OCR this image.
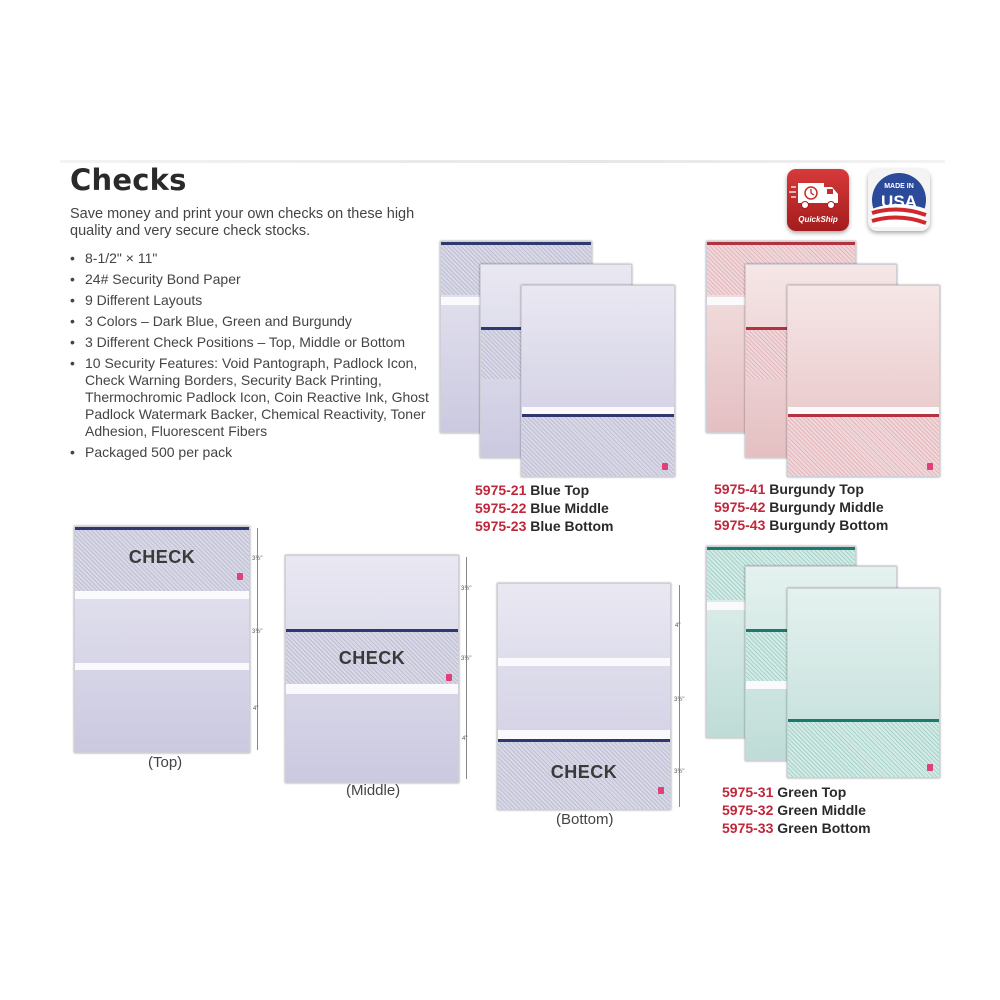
Checks
Save money and print your own checks on these high quality and very secure check stocks.
• 8-1/2" × 11"
• 24# Security Bond Paper
• 9 Different Layouts
• 3 Colors – Dark Blue, Green and Burgundy
• 3 Different Check Positions – Top, Middle or Bottom
• 10 Security Features: Void Pantograph, Padlock Icon, Check Warning Borders, Security Back Printing, Thermochromic Padlock Icon, Coin Reactive Ink, Ghost Padlock Watermark Backer, Chemical Reactivity, Toner Adhesion, Fluorescent Fibers
• Packaged 500 per pack
QuickShip
MADE IN
USA
5975-21 Blue Top
5975-22 Blue Middle
5975-23 Blue Bottom
5975-41 Burgundy Top
5975-42 Burgundy Middle
5975-43 Burgundy Bottom
5975-31 Green Top
5975-32 Green Middle
5975-33 Green Bottom
CHECK	3½"
3½"
4"
(Top)
CHECK
3½"
3½"
4"
(Middle)
CHECK
4"
3½"
3½"
(Bottom)
